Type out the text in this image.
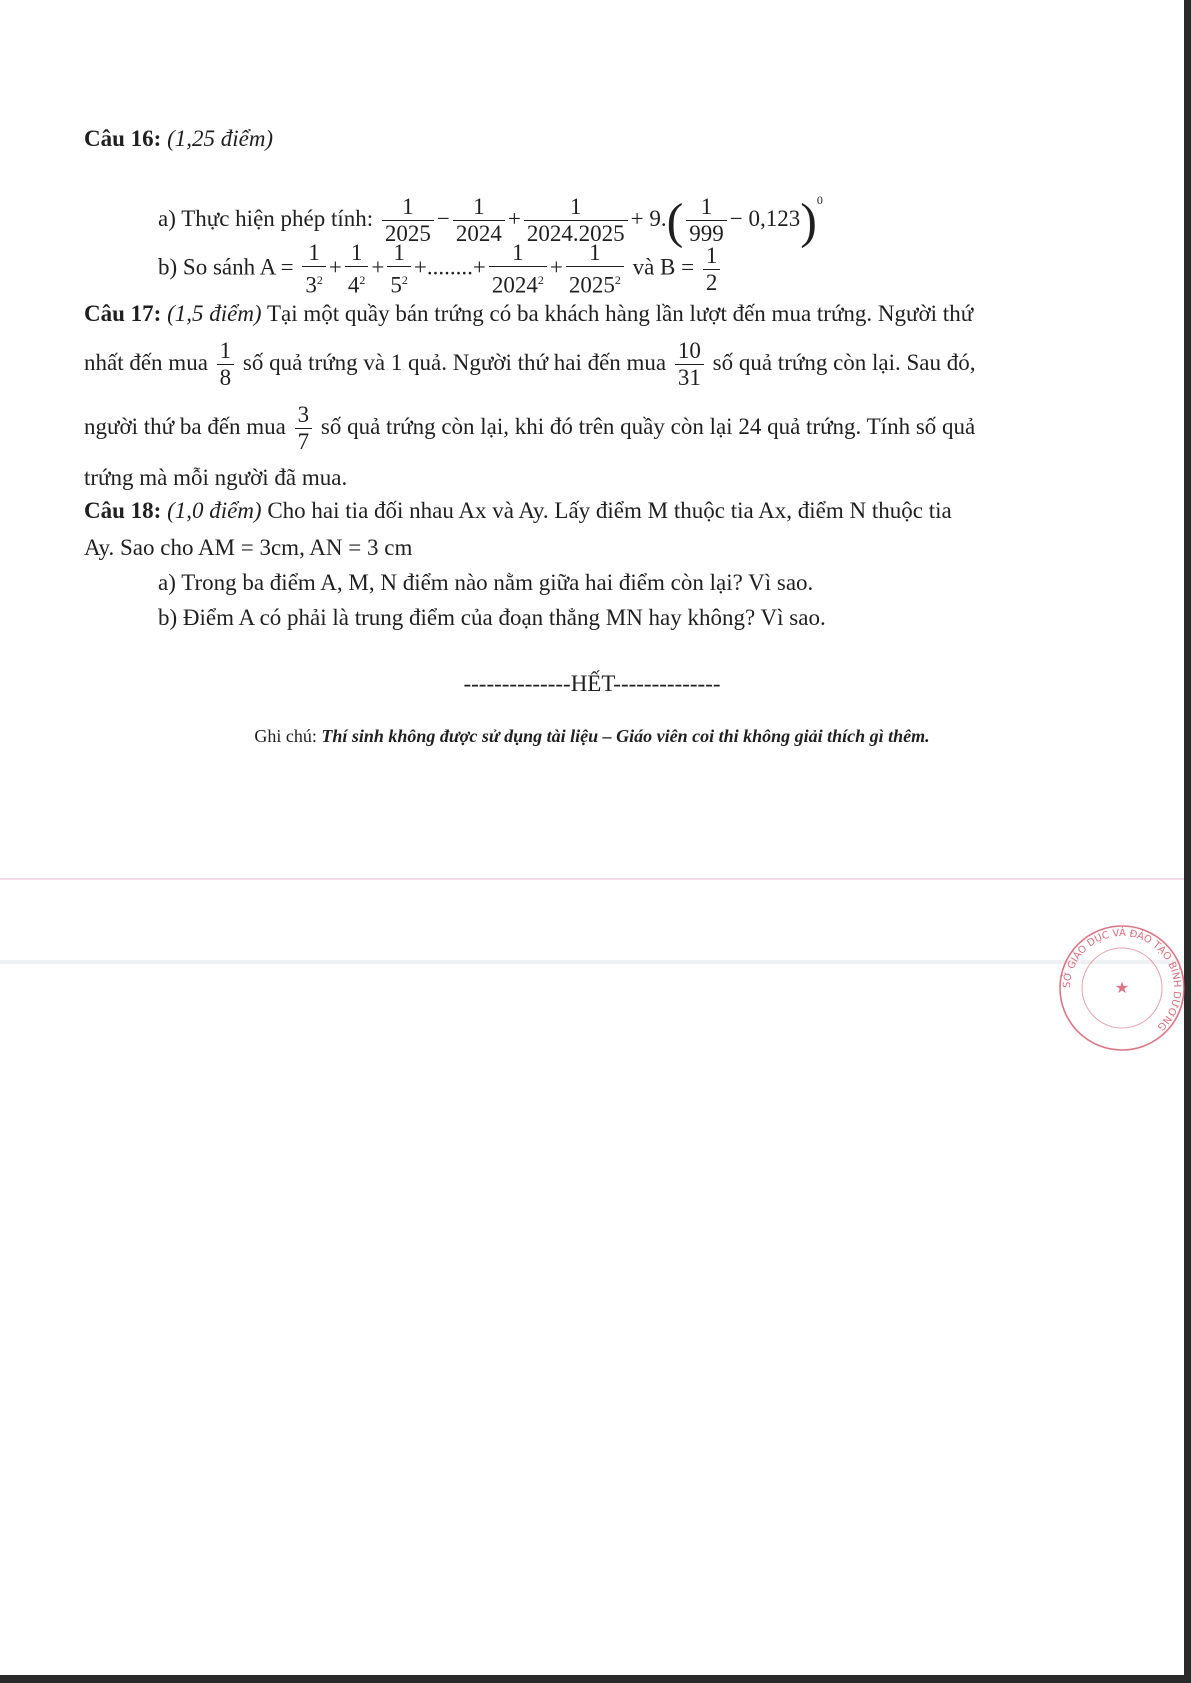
Câu 16: (1,25 điểm)
a) Thực hiện phép tính: $\frac{1}{2025} - \frac{1}{2024} + \frac{1}{2024.2025} + 9.( \frac{1}{999} - 0,123)^0$
b) So sánh $A = \frac{1}{3^2} + \frac{1}{4^2} + \frac{1}{5^2}$ +........+ $\frac{1}{2024^2} + \frac{1}{2025^2}$ và $B = \frac{1}{2}$
Câu 17: (1,5 điểm) Tại một quầy bán trứng có ba khách hàng lần lượt đến mua trứng. Người thứ
nhất đến mua $\frac{1}{8}$ số quả trứng và 1 quả. Người thứ hai đến mua $\frac{10}{31}$ số quả trứng còn lại. Sau đó,
người thứ ba đến mua $\frac{3}{7}$ số quả trứng còn lại, khi đó trên quầy còn lại 24 quả trứng. Tính số quả
trứng mà mỗi người đã mua.
Câu 18: (1,0 điểm) Cho hai tia đối nhau Ax và Ay. Lấy điểm M thuộc tia Ax, điểm N thuộc tia
Ay. Sao cho AM = 3cm, AN = 3 cm
a) Trong ba điểm A, M, N điểm nào nằm giữa hai điểm còn lại? Vì sao.
b) Điểm A có phải là trung điểm của đoạn thẳng MN hay không? Vì sao.
--------------HẾT--------------
Ghi chú: Thí sinh không được sử dụng tài liệu – Giáo viên coi thi không giải thích gì thêm.
SỞ GIÁO DỤC VÀ ĐÀO TẠO BÌNH DƯƠNG
★
